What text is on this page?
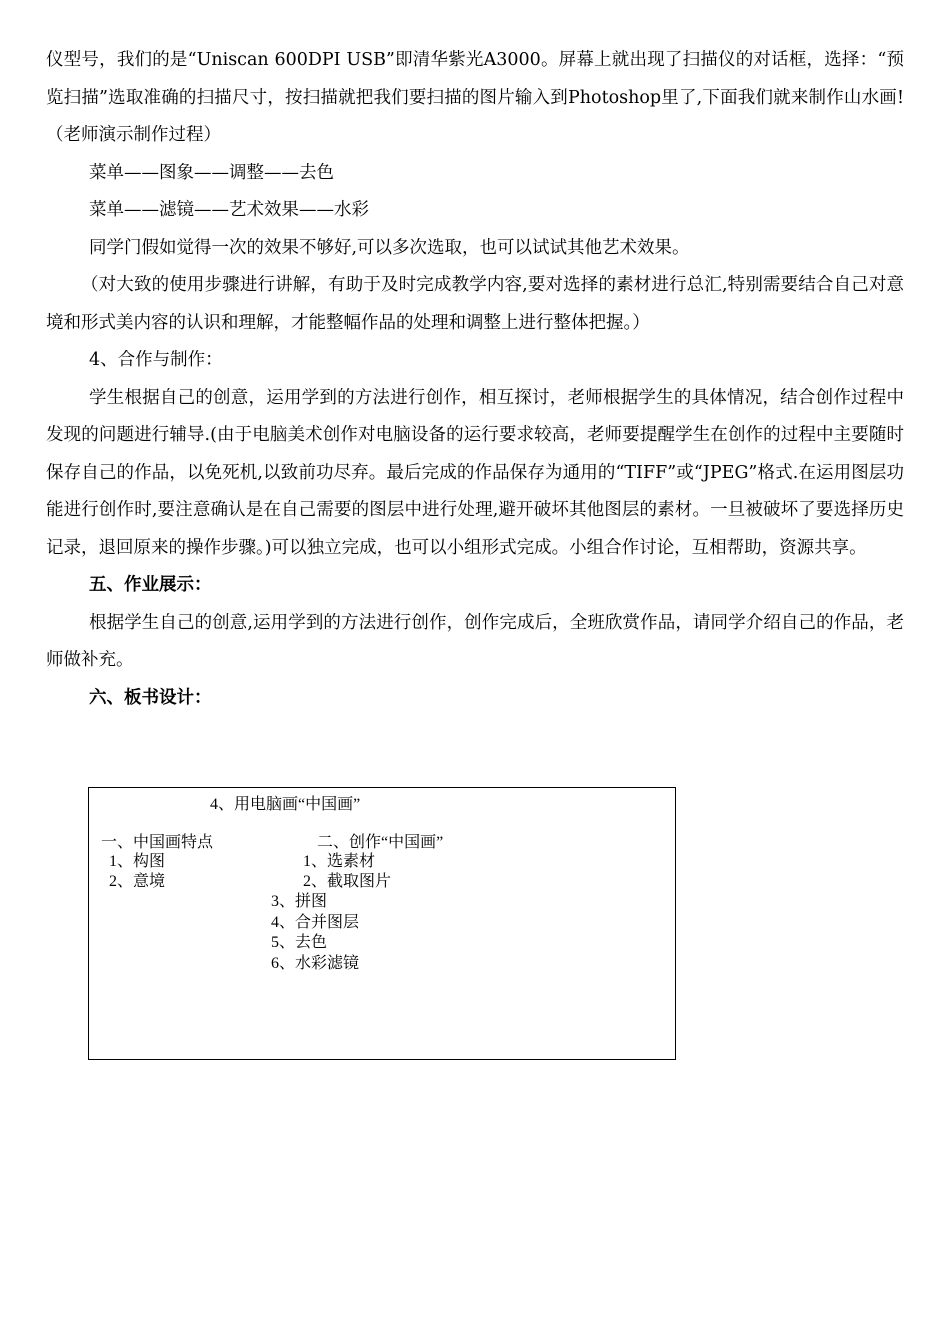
仪型号，我们的是“Uniscan 600DPI USB”即清华紫光A3000。屏幕上就出现了扫描仪的对话框，选择：“预览扫描”选取准确的扫描尺寸，按扫描就把我们要扫描的图片输入到Photoshop里了,下面我们就来制作山水画!（老师演示制作过程）

菜单——图象——调整——去色

菜单——滤镜——艺术效果——水彩

同学门假如觉得一次的效果不够好,可以多次选取，也可以试试其他艺术效果。

（对大致的使用步骤进行讲解，有助于及时完成教学内容,要对选择的素材进行总汇,特别需要结合自己对意境和形式美内容的认识和理解，才能整幅作品的处理和调整上进行整体把握。）

4、合作与制作：

学生根据自己的创意，运用学到的方法进行创作，相互探讨，老师根据学生的具体情况，结合创作过程中发现的问题进行辅导.(由于电脑美术创作对电脑设备的运行要求较高，老师要提醒学生在创作的过程中主要随时保存自己的作品，以免死机,以致前功尽弃。最后完成的作品保存为通用的“TIFF”或“JPEG”格式.在运用图层功能进行创作时,要注意确认是在自己需要的图层中进行处理,避开破坏其他图层的素材。一旦被破坏了要选择历史记录，退回原来的操作步骤。)可以独立完成，也可以小组形式完成。小组合作讨论，互相帮助，资源共享。

五、作业展示：

根据学生自己的创意,运用学到的方法进行创作，创作完成后，全班欣赏作品，请同学介绍自己的作品，老师做补充。

六、板书设计：

4、用电脑画“中国画”
一、中国画特点
1、构图
2、意境
二、创作“中国画”
1、选素材
2、截取图片
3、拼图
4、合并图层
5、去色
6、水彩滤镜
